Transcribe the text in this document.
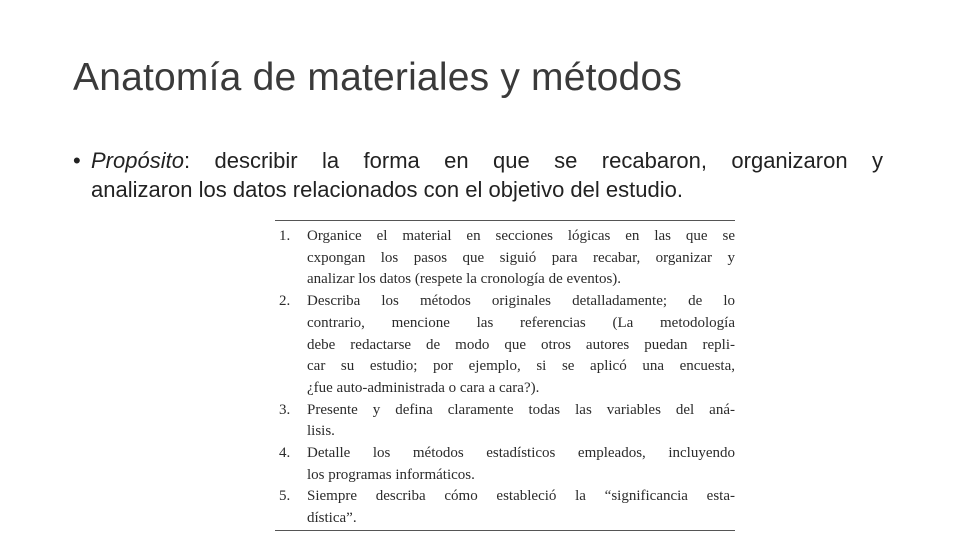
Anatomía de materiales y métodos
• Propósito: describir la forma en que se recabaron, organizaron y
analizaron los datos relacionados con el objetivo del estudio.
1. Organice el material en secciones lógicas en las que se
cxpongan los pasos que siguió para recabar, organizar y
analizar los datos (respete la cronología de eventos).
2. Describa los métodos originales detalladamente; de lo
contrario, mencione las referencias (La metodología
debe redactarse de modo que otros autores puedan repli-
car su estudio; por ejemplo, si se aplicó una encuesta,
¿fue auto-administrada o cara a cara?).
3. Presente y defina claramente todas las variables del aná-
lisis.
4. Detalle los métodos estadísticos empleados, incluyendo
los programas informáticos.
5. Siempre describa cómo estableció la “significancia esta-
dística”.
